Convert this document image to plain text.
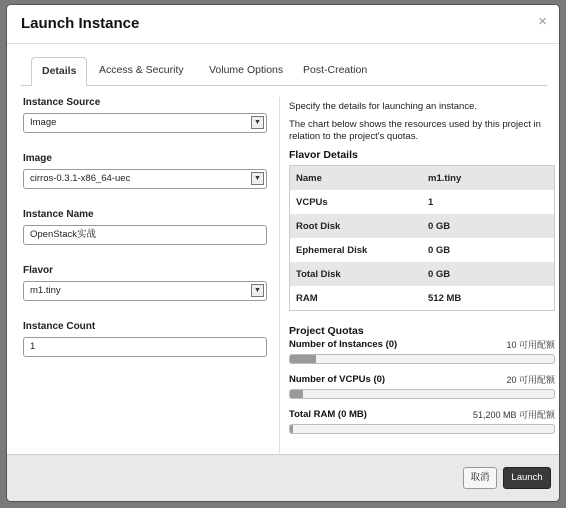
Launch Instance	×
Details	Access & Security	Volume Options	Post-Creation
Instance Source
Image	▼
Image
cirros-0.3.1-x86_64-uec	▼
Instance Name
OpenStack实战
Flavor
m1.tiny	▼
Instance Count
1

Specify the details for launching an instance.

The chart below shows the resources used by this project in relation to the project's quotas.

Flavor Details
Name	m1.tiny
VCPUs	1
Root Disk	0 GB
Ephemeral Disk	0 GB
Total Disk	0 GB
RAM	512 MB
Project Quotas
Number of Instances (0)	10 可用配额
Number of VCPUs (0)	20 可用配额
Total RAM (0 MB)	51,200 MB 可用配额
取消	Launch
